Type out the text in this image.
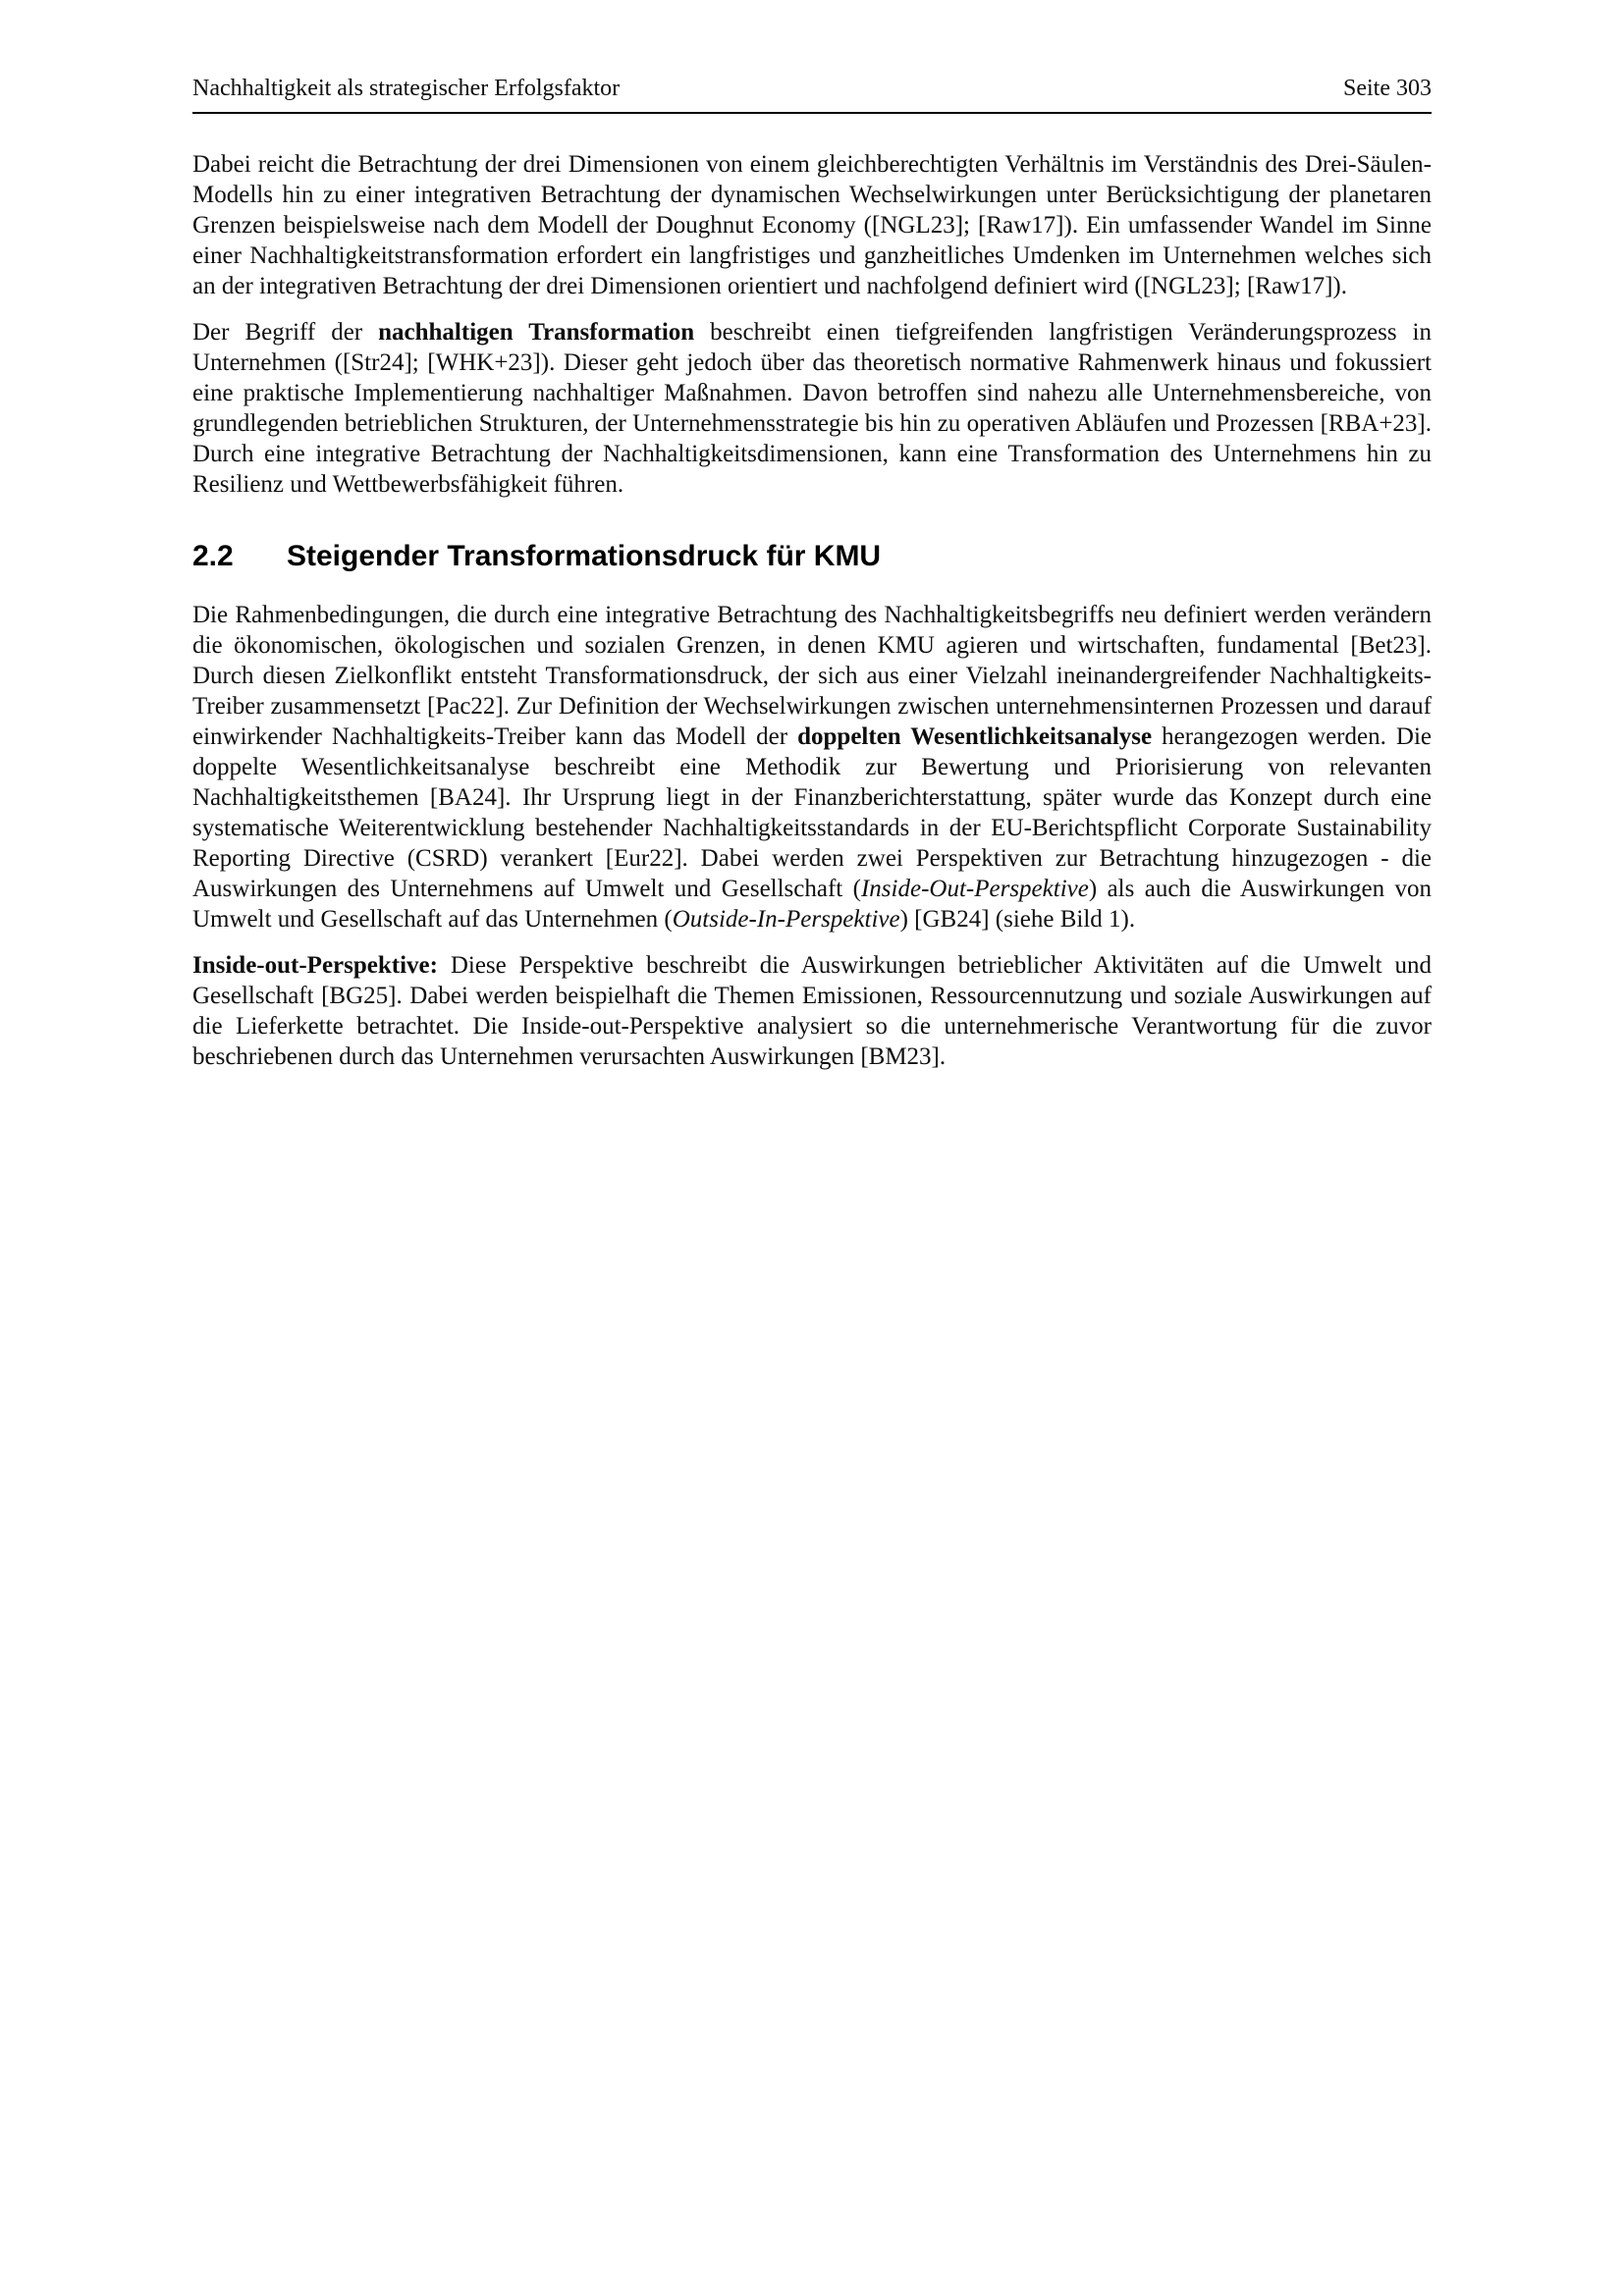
Nachhaltigkeit als strategischer Erfolgsfaktor	Seite 303

Dabei reicht die Betrachtung der drei Dimensionen von einem gleichberechtigten Verhältnis im Verständnis des Drei-Säulen-Modells hin zu einer integrativen Betrachtung der dynamischen Wechselwirkungen unter Berücksichtigung der planetaren Grenzen beispielsweise nach dem Modell der Doughnut Economy ([NGL23]; [Raw17]). Ein umfassender Wandel im Sinne einer Nachhaltigkeitstransformation erfordert ein langfristiges und ganzheitliches Umdenken im Unternehmen welches sich an der integrativen Betrachtung der drei Dimensionen orientiert und nachfolgend definiert wird ([NGL23]; [Raw17]).

Der Begriff der nachhaltigen Transformation beschreibt einen tiefgreifenden langfristigen Veränderungsprozess in Unternehmen ([Str24]; [WHK+23]). Dieser geht jedoch über das theoretisch normative Rahmenwerk hinaus und fokussiert eine praktische Implementierung nachhaltiger Maßnahmen. Davon betroffen sind nahezu alle Unternehmensbereiche, von grundlegenden betrieblichen Strukturen, der Unternehmensstrategie bis hin zu operativen Abläufen und Prozessen [RBA+23]. Durch eine integrative Betrachtung der Nachhaltigkeitsdimensionen, kann eine Transformation des Unternehmens hin zu Resilienz und Wettbewerbsfähigkeit führen.

2.2	Steigender Transformationsdruck für KMU

Die Rahmenbedingungen, die durch eine integrative Betrachtung des Nachhaltigkeitsbegriffs neu definiert werden verändern die ökonomischen, ökologischen und sozialen Grenzen, in denen KMU agieren und wirtschaften, fundamental [Bet23]. Durch diesen Zielkonflikt entsteht Transformationsdruck, der sich aus einer Vielzahl ineinandergreifender Nachhaltigkeits-Treiber zusammensetzt [Pac22]. Zur Definition der Wechselwirkungen zwischen unternehmensinternen Prozessen und darauf einwirkender Nachhaltigkeits-Treiber kann das Modell der doppelten Wesentlichkeitsanalyse herangezogen werden. Die doppelte Wesentlichkeitsanalyse beschreibt eine Methodik zur Bewertung und Priorisierung von relevanten Nachhaltigkeitsthemen [BA24]. Ihr Ursprung liegt in der Finanzberichterstattung, später wurde das Konzept durch eine systematische Weiterentwicklung bestehender Nachhaltigkeitsstandards in der EU-Berichtspflicht Corporate Sustainability Reporting Directive (CSRD) verankert [Eur22]. Dabei werden zwei Perspektiven zur Betrachtung hinzugezogen - die Auswirkungen des Unternehmens auf Umwelt und Gesellschaft (Inside-Out-Perspektive) als auch die Auswirkungen von Umwelt und Gesellschaft auf das Unternehmen (Outside-In-Perspektive) [GB24] (siehe Bild 1).

Inside-out-Perspektive: Diese Perspektive beschreibt die Auswirkungen betrieblicher Aktivitäten auf die Umwelt und Gesellschaft [BG25]. Dabei werden beispielhaft die Themen Emissionen, Ressourcennutzung und soziale Auswirkungen auf die Lieferkette betrachtet. Die Inside-out-Perspektive analysiert so die unternehmerische Verantwortung für die zuvor beschriebenen durch das Unternehmen verursachten Auswirkungen [BM23].
